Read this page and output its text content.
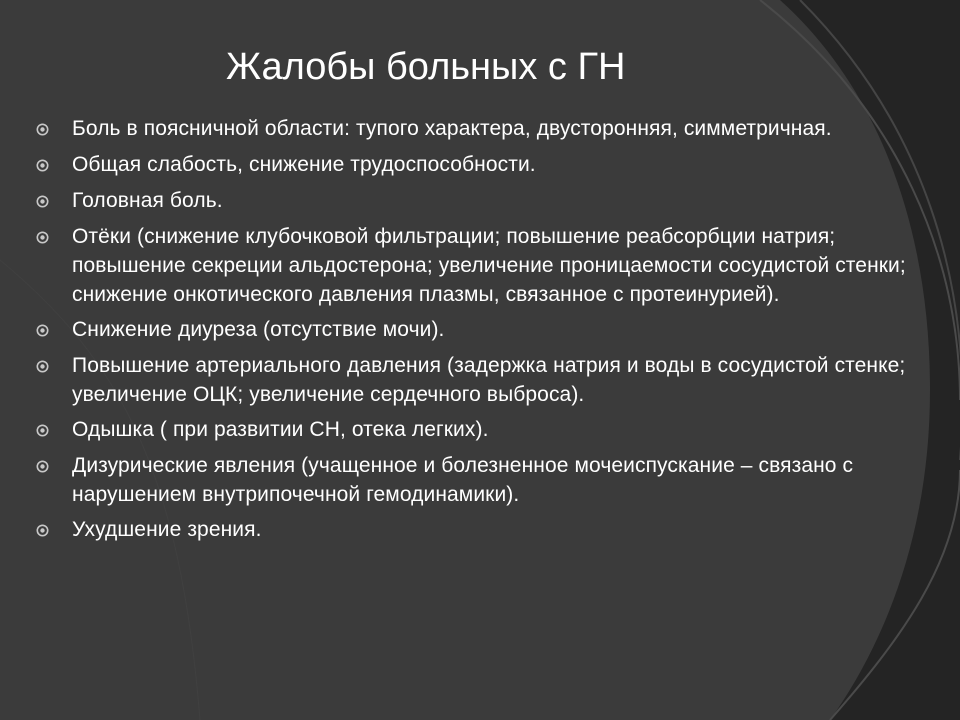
Жалобы больных с ГН
Боль в поясничной области: тупого характера, двусторонняя, симметричная.
Общая слабость, снижение трудоспособности.
Головная боль.
Отёки (снижение клубочковой фильтрации; повышение реабсорбции натрия; повышение секреции альдостерона; увеличение проницаемости сосудистой стенки; снижение онкотического давления плазмы, связанное с протеинурией).
Снижение диуреза (отсутствие мочи).
Повышение артериального давления (задержка натрия и воды в сосудистой стенке; увеличение ОЦК; увеличение сердечного выброса).
Одышка ( при развитии СН, отека легких).
Дизурические явления (учащенное и болезненное мочеиспускание – связано с нарушением внутрипочечной гемодинамики).
Ухудшение зрения.
